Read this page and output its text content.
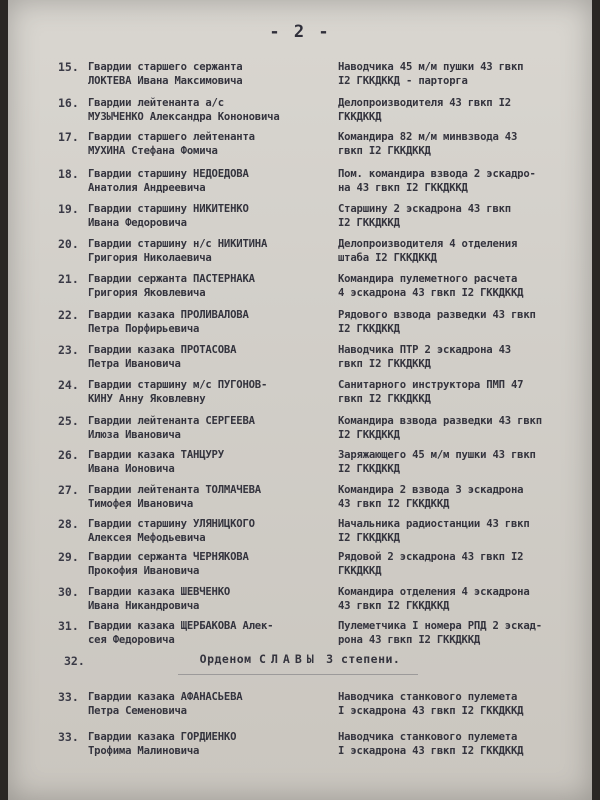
- 2 -
15. Гвардии старшего сержанта
ЛОКТЕВА Ивана Максимовича
Наводчика 45 м/м пушки 43 гвкп
I2 ГККДККД - парторга
16. Гвардии лейтенанта а/с
МУЗЫЧЕНКО Александра Кононовича
Делопроизводителя 43 гвкп I2
ГККДККД
17. Гвардии старшего лейтенанта
МУХИНА Стефана Фомича
Командира 82 м/м минвзвода 43
гвкп I2 ГККДККД
18. Гвардии старшину НЕДОЕДОВА
Анатолия Андреевича
Пом. командира взвода 2 эскадро-
на 43 гвкп I2 ГККДККД
19. Гвардии старшину НИКИТЕНКО
Ивана Федоровича
Старшину 2 эскадрона 43 гвкп
I2 ГККДККД
20. Гвардии старшину н/с НИКИТИНА
Григория Николаевича
Делопроизводителя 4 отделения
штаба I2 ГККДККД
21. Гвардии сержанта ПАСТЕРНАКА
Григория Яковлевича
Командира пулеметного расчета
4 эскадрона 43 гвкп I2 ГККДККД
22. Гвардии казака ПРОЛИВАЛОВА
Петра Порфирьевича
Рядового взвода разведки 43 гвкп
I2 ГККДККД
23. Гвардии казака ПРОТАСОВА
Петра Ивановича
Наводчика ПТР 2 эскадрона 43
гвкп I2 ГККДККД
24. Гвардии старшину м/с ПУГОНОВ-
КИНУ Анну Яковлевну
Санитарного инструктора ПМП 47
гвкп I2 ГККДККД
25. Гвардии лейтенанта СЕРГЕЕВА
Илюза Ивановича
Командира взвода разведки 43 гвкп
I2 ГККДККД
26. Гвардии казака ТАНЦУРУ
Ивана Ионовича
Заряжающего 45 м/м пушки 43 гвкп
I2 ГККДККД
27. Гвардии лейтенанта ТОЛМАЧЕВА
Тимофея Ивановича
Командира 2 взвода 3 эскадрона
43 гвкп I2 ГККДККД
28. Гвардии старшину УЛЯНИЦКОГО
Алексея Мефодьевича
Начальника радиостанции 43 гвкп
I2 ГККДККД
29. Гвардии сержанта ЧЕРНЯКОВА
Прокофия Ивановича
Рядовой 2 эскадрона 43 гвкп I2
ГККДККД
30. Гвардии казака ШЕВЧЕНКО
Ивана Никандровича
Командира отделения 4 эскадрона
43 гвкп I2 ГККДККД
31. Гвардии казака ЩЕРБАКОВА Алек-
сея Федоровича
Пулеметчика I номера РПД 2 эскад-
рона 43 гвкп I2 ГККДККД
32.	Орденом СЛАВЫ 3 степени.
33. Гвардии казака АФАНАСЬЕВА
Петра Семеновича
Наводчика станкового пулемета
I эскадрона 43 гвкп I2 ГККДККД
33. Гвардии казака ГОРДИЕНКО
Трофима Малиновича
Наводчика станкового пулемета
I эскадрона 43 гвкп I2 ГККДККД
